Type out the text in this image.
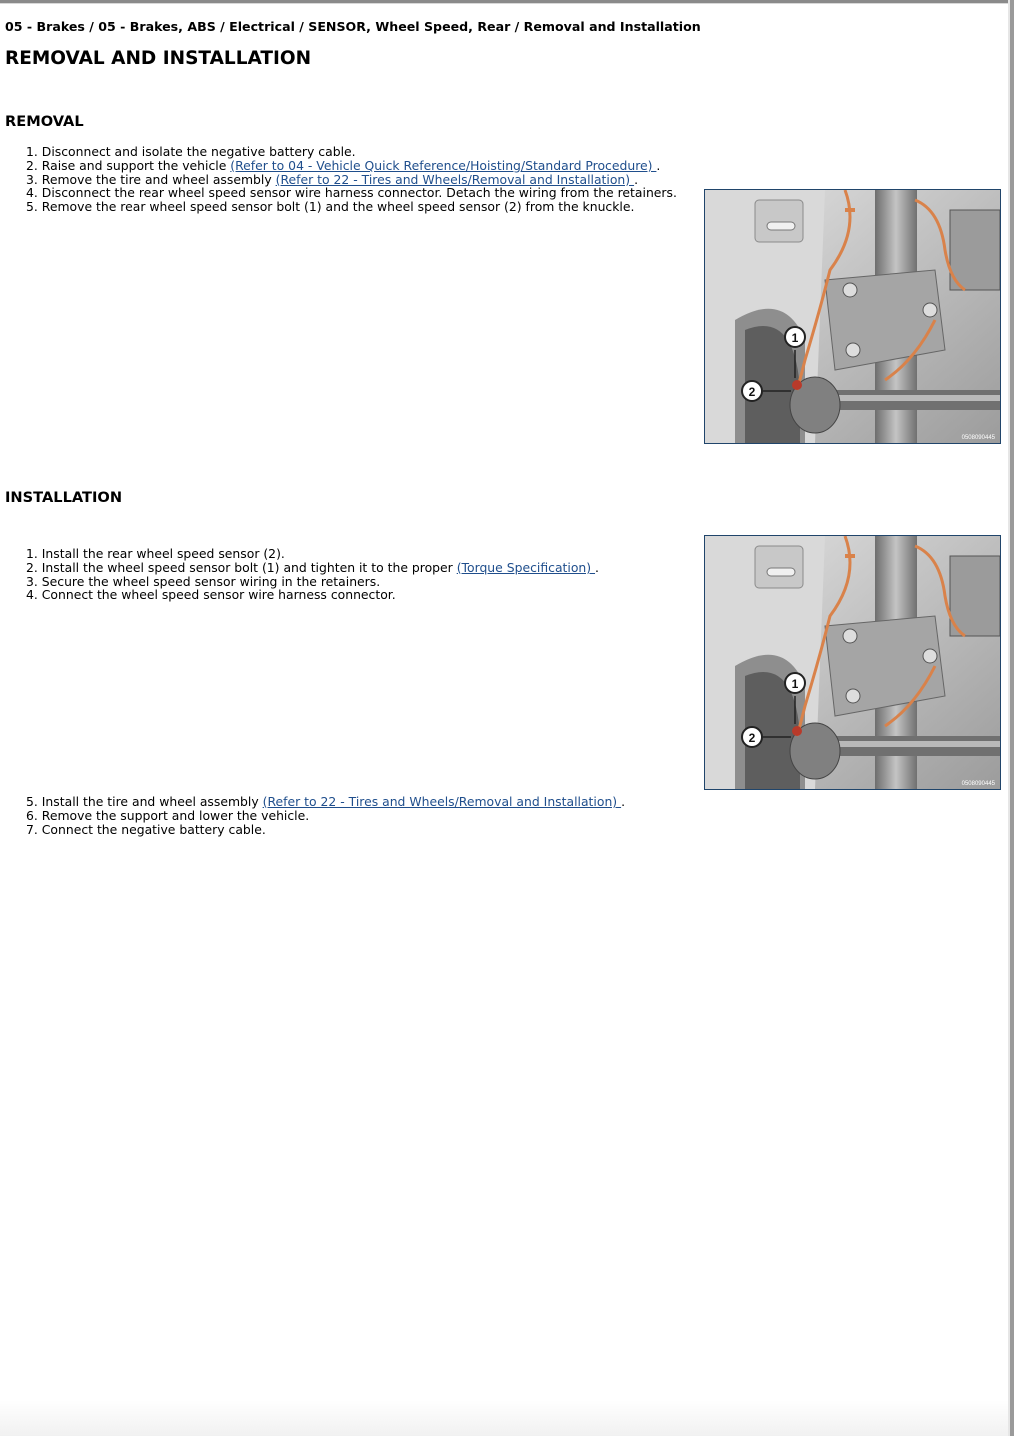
05 - Brakes / 05 - Brakes, ABS / Electrical / SENSOR, Wheel Speed, Rear / Removal and Installation
REMOVAL AND INSTALLATION
REMOVAL
1. Disconnect and isolate the negative battery cable.
2. Raise and support the vehicle (Refer to 04 - Vehicle Quick Reference/Hoisting/Standard Procedure) .
3. Remove the tire and wheel assembly (Refer to 22 - Tires and Wheels/Removal and Installation) .
4. Disconnect the rear wheel speed sensor wire harness connector. Detach the wiring from the retainers.
5. Remove the rear wheel speed sensor bolt (1) and the wheel speed sensor (2) from the knuckle.
1
2
0508090445
INSTALLATION
1. Install the rear wheel speed sensor (2).
2. Install the wheel speed sensor bolt (1) and tighten it to the proper (Torque Specification) .
3. Secure the wheel speed sensor wiring in the retainers.
4. Connect the wheel speed sensor wire harness connector.
1
2
0508090445
5. Install the tire and wheel assembly (Refer to 22 - Tires and Wheels/Removal and Installation) .
6. Remove the support and lower the vehicle.
7. Connect the negative battery cable.
